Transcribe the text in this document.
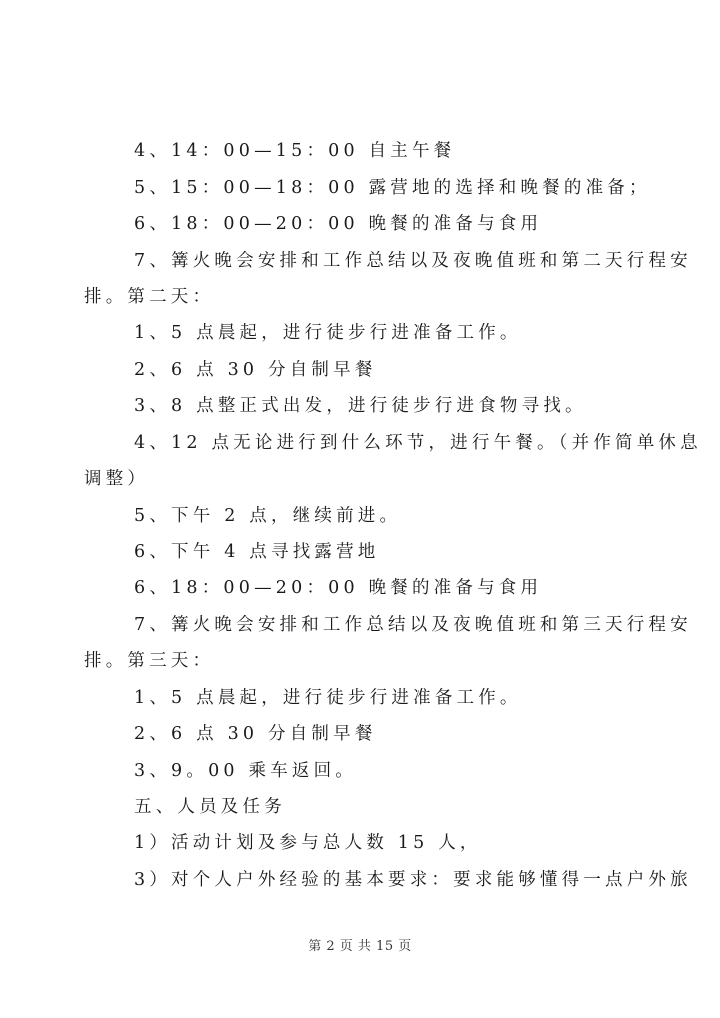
4、14：00—15：00 自主午餐
5、15：00—18：00 露营地的选择和晚餐的准备；
6、18：00—20：00 晚餐的准备与食用
7、篝火晚会安排和工作总结以及夜晚值班和第二天行程安
排。第二天：
1、5 点晨起，进行徒步行进准备工作。
2、6 点 30 分自制早餐
3、8 点整正式出发，进行徒步行进食物寻找。
4、12 点无论进行到什么环节，进行午餐。（并作简单休息
调整）
5、下午 2 点，继续前进。
6、下午 4 点寻找露营地
6、18：00—20：00 晚餐的准备与食用
7、篝火晚会安排和工作总结以及夜晚值班和第三天行程安
排。第三天：
1、5 点晨起，进行徒步行进准备工作。
2、6 点 30 分自制早餐
3、9。00 乘车返回。
五、人员及任务
1）活动计划及参与总人数 15 人，
3）对个人户外经验的基本要求：要求能够懂得一点户外旅
第 2 页 共 15 页
